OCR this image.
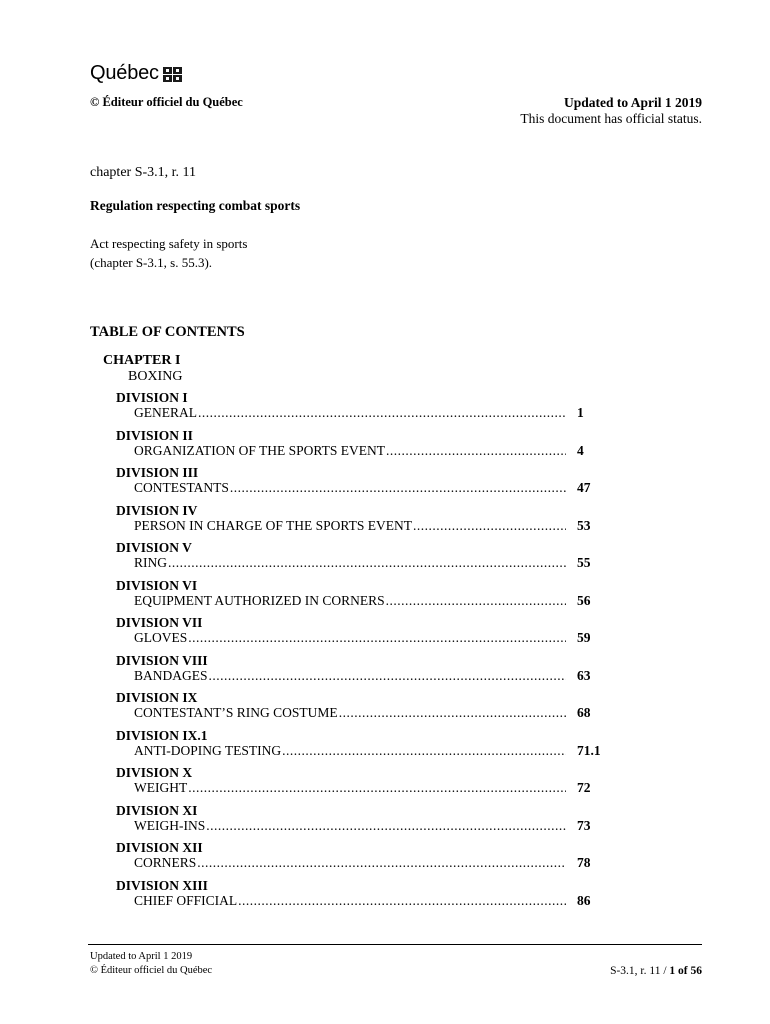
Québec
© Éditeur officiel du Québec	Updated to April 1 2019
This document has official status.
chapter S-3.1, r. 11
Regulation respecting combat sports
Act respecting safety in sports
(chapter S-3.1, s. 55.3).
TABLE OF CONTENTS
CHAPTER I
BOXING
DIVISION I
GENERAL .....	1
DIVISION II
ORGANIZATION OF THE SPORTS EVENT .....	4
DIVISION III
CONTESTANTS .....	47
DIVISION IV
PERSON IN CHARGE OF THE SPORTS EVENT .....	53
DIVISION V
RING .....	55
DIVISION VI
EQUIPMENT AUTHORIZED IN CORNERS .....	56
DIVISION VII
GLOVES .....	59
DIVISION VIII
BANDAGES .....	63
DIVISION IX
CONTESTANT’S RING COSTUME .....	68
DIVISION IX.1
ANTI-DOPING TESTING .....	71.1
DIVISION X
WEIGHT .....	72
DIVISION XI
WEIGH-INS .....	73
DIVISION XII
CORNERS .....	78
DIVISION XIII
CHIEF OFFICIAL .....	86
Updated to April 1 2019
© Éditeur officiel du Québec	S-3.1, r. 11 / 1 of 56
